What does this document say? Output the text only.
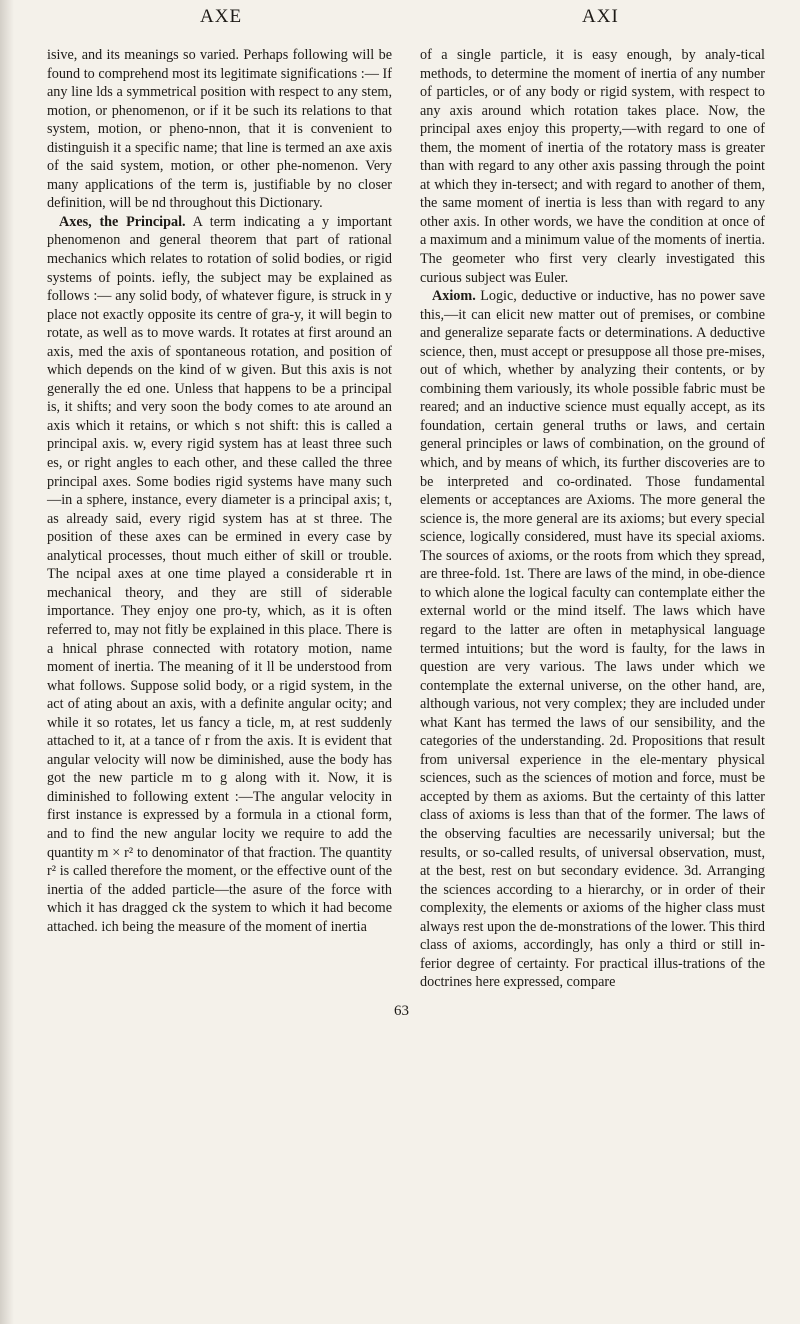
AXE	AXI

isive, and its meanings so varied. Perhaps following will be found to comprehend most its legitimate significations :— If any line lds a symmetrical position with respect to any stem, motion, or phenomenon, or if it be such its relations to that system, motion, or pheno-nnon, that it is convenient to distinguish it a specific name; that line is termed an axe axis of the said system, motion, or other phe-nomenon. Very many applications of the term is, justifiable by no closer definition, will be nd throughout this Dictionary.

Axes, the Principal. A term indicating a y important phenomenon and general theorem that part of rational mechanics which relates to rotation of solid bodies, or rigid systems of points. iefly, the subject may be explained as follows :— any solid body, of whatever figure, is struck in y place not exactly opposite its centre of gra-y, it will begin to rotate, as well as to move wards. It rotates at first around an axis, med the axis of spontaneous rotation, and position of which depends on the kind of w given. But this axis is not generally the ed one. Unless that happens to be a principal is, it shifts; and very soon the body comes to ate around an axis which it retains, or which s not shift: this is called a principal axis. w, every rigid system has at least three such es, or right angles to each other, and these called the three principal axes. Some bodies rigid systems have many such—in a sphere, instance, every diameter is a principal axis; t, as already said, every rigid system has at st three. The position of these axes can be ermined in every case by analytical processes, thout much either of skill or trouble. The ncipal axes at one time played a considerable rt in mechanical theory, and they are still of siderable importance. They enjoy one pro-ty, which, as it is often referred to, may not fitly be explained in this place. There is a hnical phrase connected with rotatory motion, name moment of inertia. The meaning of it ll be understood from what follows. Suppose solid body, or a rigid system, in the act of ating about an axis, with a definite angular ocity; and while it so rotates, let us fancy a ticle, m, at rest suddenly attached to it, at a tance of r from the axis. It is evident that angular velocity will now be diminished, ause the body has got the new particle m to g along with it. Now, it is diminished to following extent :—The angular velocity in first instance is expressed by a formula in a ctional form, and to find the new angular locity we require to add the quantity m × r² to denominator of that fraction. The quantity r² is called therefore the moment, or the effective ount of the inertia of the added particle—the asure of the force with which it has dragged ck the system to which it had become attached. ich being the measure of the moment of inertia

of a single particle, it is easy enough, by analy-tical methods, to determine the moment of inertia of any number of particles, or of any body or rigid system, with respect to any axis around which rotation takes place. Now, the principal axes enjoy this property,—with regard to one of them, the moment of inertia of the rotatory mass is greater than with regard to any other axis passing through the point at which they in-tersect; and with regard to another of them, the same moment of inertia is less than with regard to any other axis. In other words, we have the condition at once of a maximum and a minimum value of the moments of inertia. The geometer who first very clearly investigated this curious subject was Euler.

Axiom. Logic, deductive or inductive, has no power save this,—it can elicit new matter out of premises, or combine and generalize separate facts or determinations. A deductive science, then, must accept or presuppose all those pre-mises, out of which, whether by analyzing their contents, or by combining them variously, its whole possible fabric must be reared; and an inductive science must equally accept, as its foundation, certain general truths or laws, and certain general principles or laws of combination, on the ground of which, and by means of which, its further discoveries are to be interpreted and co-ordinated. Those fundamental elements or acceptances are Axioms. The more general the science is, the more general are its axioms; but every special science, logically considered, must have its special axioms. The sources of axioms, or the roots from which they spread, are three-fold. 1st. There are laws of the mind, in obe-dience to which alone the logical faculty can contemplate either the external world or the mind itself. The laws which have regard to the latter are often in metaphysical language termed intuitions; but the word is faulty, for the laws in question are very various. The laws under which we contemplate the external universe, on the other hand, are, although various, not very complex; they are included under what Kant has termed the laws of our sensibility, and the categories of the understanding. 2d. Propositions that result from universal experience in the ele-mentary physical sciences, such as the sciences of motion and force, must be accepted by them as axioms. But the certainty of this latter class of axioms is less than that of the former. The laws of the observing faculties are necessarily universal; but the results, or so-called results, of universal observation, must, at the best, rest on but secondary evidence. 3d. Arranging the sciences according to a hierarchy, or in order of their complexity, the elements or axioms of the higher class must always rest upon the de-monstrations of the lower. This third class of axioms, accordingly, has only a third or still in-ferior degree of certainty. For practical illus-trations of the doctrines here expressed, compare

63
